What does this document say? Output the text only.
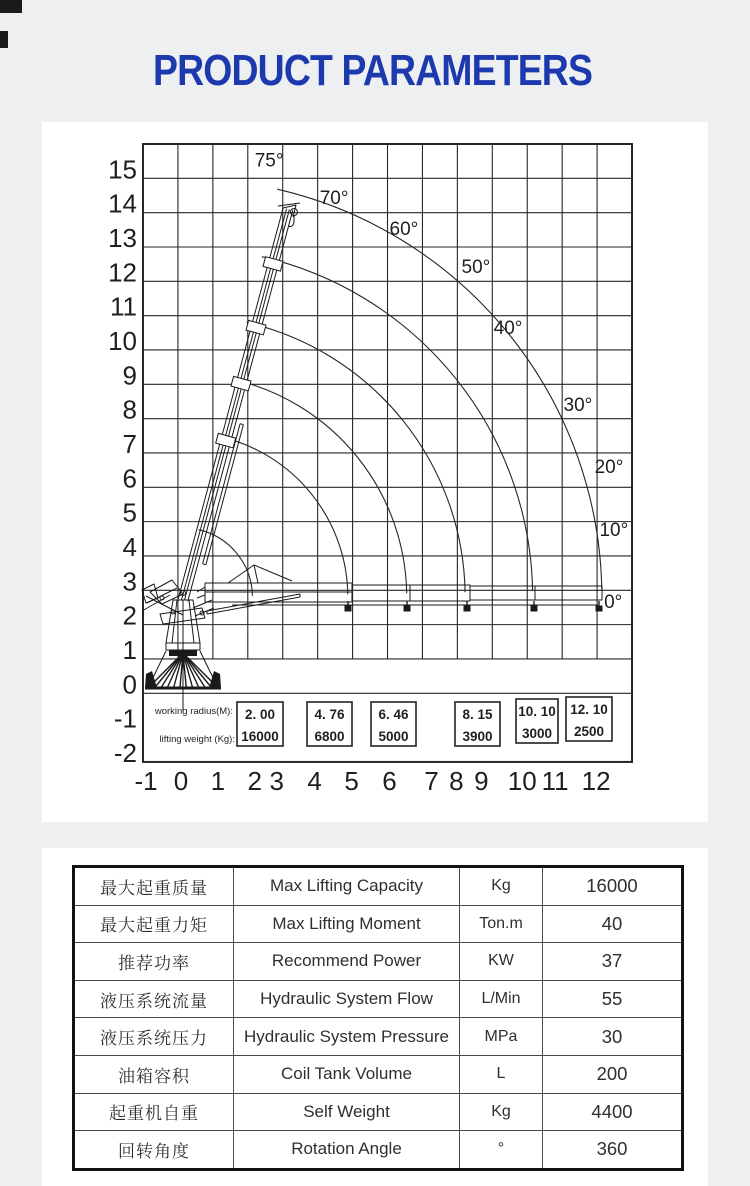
PRODUCT PARAMETERS
-1 0 1 2 3 4 5 6 7 8 9 10 11 12
15
14
13
12
11
10
9
8
7
6
5
4
3
2
1
0
-1
-2
75°
70°
60°
50°
40°
30°
20°
10°
0°
working radius(M):
lifting weight (Kg):
2. 00
16000
4. 76
6800
6. 46
5000
8. 15
3900
10. 10
3000
12. 10
2500
最大起重质量	Max Lifting Capacity	Kg	16000
最大起重力矩	Max Lifting Moment	Ton.m	40
推荐功率	Recommend Power	KW	37
液压系统流量	Hydraulic System Flow	L/Min	55
液压系统压力	Hydraulic System Pressure	MPa	30
油箱容积	Coil Tank Volume	L	200
起重机自重	Self Weight	Kg	4400
回转角度	Rotation Angle	°	360
